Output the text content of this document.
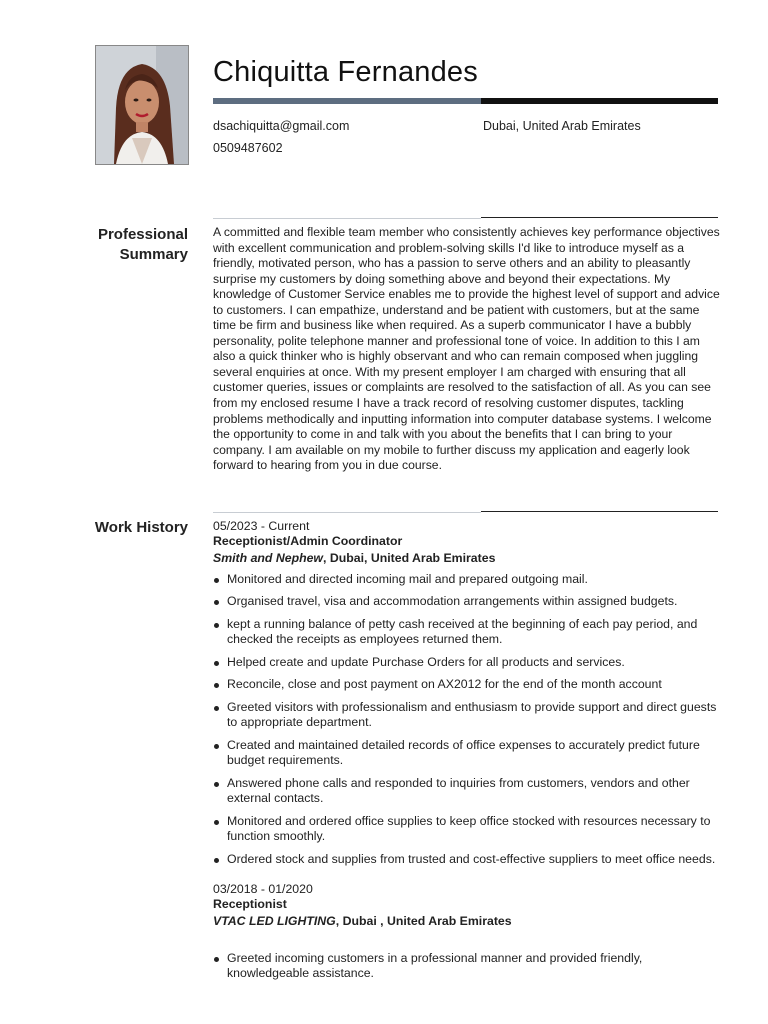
Chiquitta Fernandes
dsachiquitta@gmail.com	Dubai, United Arab Emirates
0509487602
Professional Summary

A committed and flexible team member who consistently achieves key performance objectives with excellent communication and problem-solving skills I'd like to introduce myself as a friendly, motivated person, who has a passion to serve others and an ability to pleasantly surprise my customers by doing something above and beyond their expectations. My knowledge of Customer Service enables me to provide the highest level of support and advice to customers. I can empathize, understand and be patient with customers, but at the same time be firm and business like when required. As a superb communicator I have a bubbly personality, polite telephone manner and professional tone of voice. In addition to this I am also a quick thinker who is highly observant and who can remain composed when juggling several enquiries at once. With my present employer I am charged with ensuring that all customer queries, issues or complaints are resolved to the satisfaction of all. As you can see from my enclosed resume I have a track record of resolving customer disputes, tackling problems methodically and inputting information into computer database systems. I welcome the opportunity to come in and talk with you about the benefits that I can bring to your company. I am available on my mobile to further discuss my application and eagerly look forward to hearing from you in due course.

Work History 05/2023 - Current
Receptionist/Admin Coordinator
Smith and Nephew, Dubai, United Arab Emirates
Monitored and directed incoming mail and prepared outgoing mail.
Organised travel, visa and accommodation arrangements within assigned budgets.
kept a running balance of petty cash received at the beginning of each pay period, and checked the receipts as employees returned them.
Helped create and update Purchase Orders for all products and services.
Reconcile, close and post payment on AX2012 for the end of the month account
Greeted visitors with professionalism and enthusiasm to provide support and direct guests to appropriate department.
Created and maintained detailed records of office expenses to accurately predict future budget requirements.
Answered phone calls and responded to inquiries from customers, vendors and other external contacts.
Monitored and ordered office supplies to keep office stocked with resources necessary to function smoothly.
Ordered stock and supplies from trusted and cost-effective suppliers to meet office needs.
03/2018 - 01/2020
Receptionist
VTAC LED LIGHTING, Dubai , United Arab Emirates
Greeted incoming customers in a professional manner and provided friendly, knowledgeable assistance.
